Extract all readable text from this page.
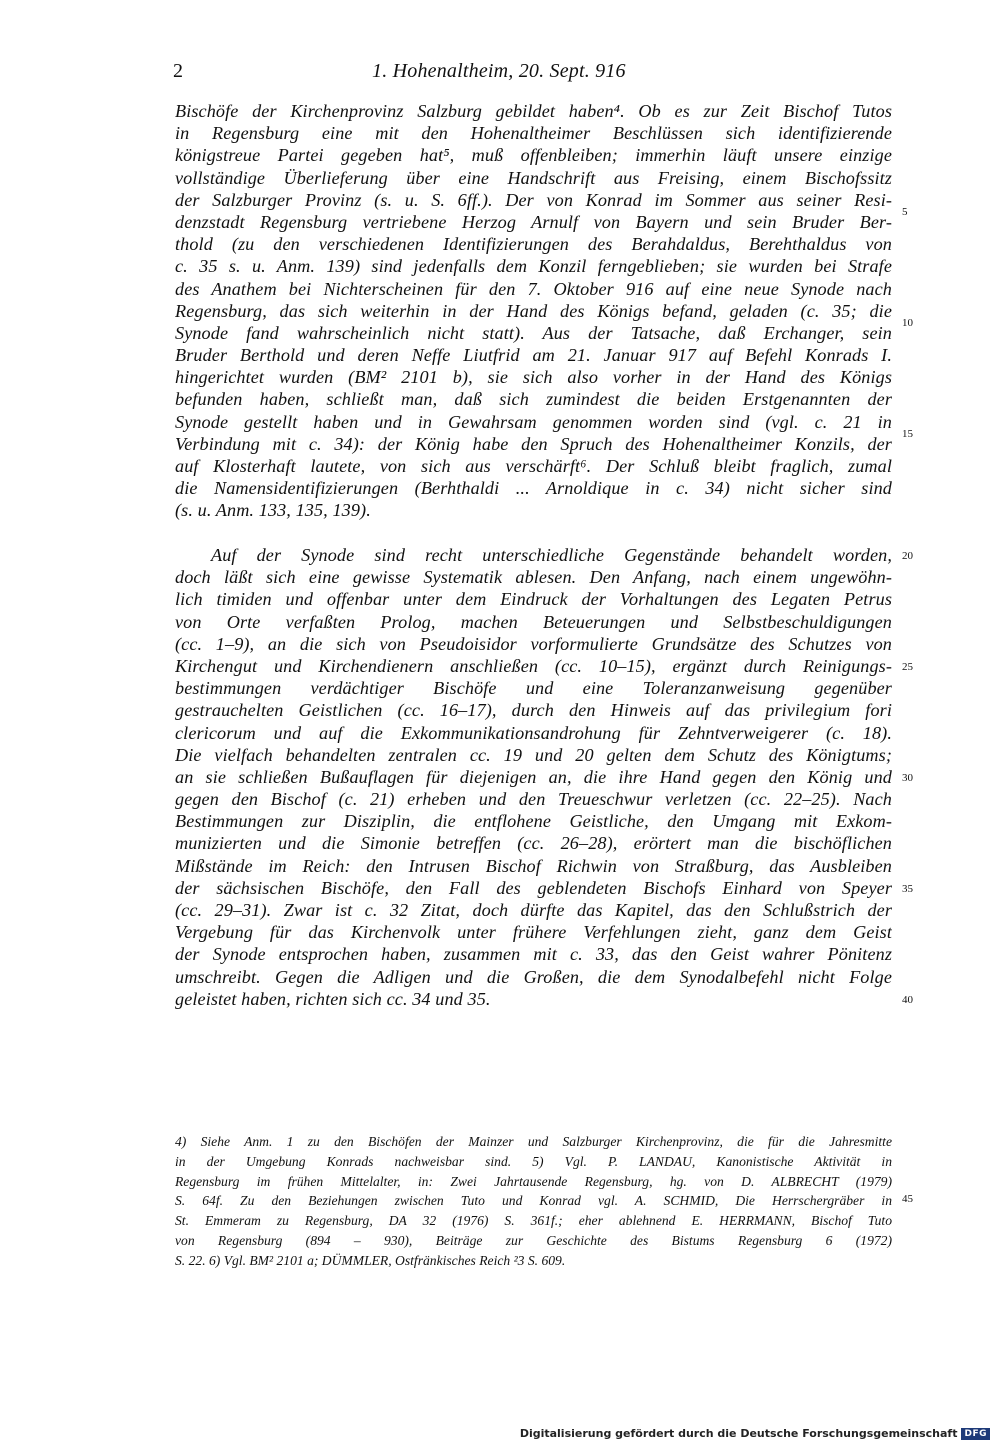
2	1. Hohenaltheim, 20. Sept. 916
Bischöfe der Kirchenprovinz Salzburg gebildet haben⁴. Ob es zur Zeit Bischof Tutos
in Regensburg eine mit den Hohenaltheimer Beschlüssen sich identifizierende
königstreue Partei gegeben hat⁵, muß offenbleiben; immerhin läuft unsere einzige
vollständige Überlieferung über eine Handschrift aus Freising, einem Bischofssitz
der Salzburger Provinz (s. u. S. 6ff.). Der von Konrad im Sommer aus seiner Resi-
denzstadt Regensburg vertriebene Herzog Arnulf von Bayern und sein Bruder Ber-
thold (zu den verschiedenen Identifizierungen des Berahdaldus, Berehthaldus von
c. 35 s. u. Anm. 139) sind jedenfalls dem Konzil ferngeblieben; sie wurden bei Strafe
des Anathem bei Nichterscheinen für den 7. Oktober 916 auf eine neue Synode nach
Regensburg, das sich weiterhin in der Hand des Königs befand, geladen (c. 35; die
Synode fand wahrscheinlich nicht statt). Aus der Tatsache, daß Erchanger, sein
Bruder Berthold und deren Neffe Liutfrid am 21. Januar 917 auf Befehl Konrads I.
hingerichtet wurden (BM² 2101 b), sie sich also vorher in der Hand des Königs
befunden haben, schließt man, daß sich zumindest die beiden Erstgenannten der
Synode gestellt haben und in Gewahrsam genommen worden sind (vgl. c. 21 in
Verbindung mit c. 34): der König habe den Spruch des Hohenaltheimer Konzils, der
auf Klosterhaft lautete, von sich aus verschärft⁶. Der Schluß bleibt fraglich, zumal
die Namensidentifizierungen (Berhthaldi ... Arnoldique in c. 34) nicht sicher sind
(s. u. Anm. 133, 135, 139).
Auf der Synode sind recht unterschiedliche Gegenstände behandelt worden,
doch läßt sich eine gewisse Systematik ablesen. Den Anfang, nach einem ungewöhn-
lich timiden und offenbar unter dem Eindruck der Vorhaltungen des Legaten Petrus
von Orte verfaßten Prolog, machen Beteuerungen und Selbstbeschuldigungen
(cc. 1–9), an die sich von Pseudoisidor vorformulierte Grundsätze des Schutzes von
Kirchengut und Kirchendienern anschließen (cc. 10–15), ergänzt durch Reinigungs-
bestimmungen verdächtiger Bischöfe und eine Toleranzanweisung gegenüber
gestrauchelten Geistlichen (cc. 16–17), durch den Hinweis auf das privilegium fori
clericorum und auf die Exkommunikationsandrohung für Zehntverweigerer (c. 18).
Die vielfach behandelten zentralen cc. 19 und 20 gelten dem Schutz des Königtums;
an sie schließen Bußauflagen für diejenigen an, die ihre Hand gegen den König und
gegen den Bischof (c. 21) erheben und den Treueschwur verletzen (cc. 22–25). Nach
Bestimmungen zur Disziplin, die entflohene Geistliche, den Umgang mit Exkom-
munizierten und die Simonie betreffen (cc. 26–28), erörtert man die bischöflichen
Mißstände im Reich: den Intrusen Bischof Richwin von Straßburg, das Ausbleiben
der sächsischen Bischöfe, den Fall des geblendeten Bischofs Einhard von Speyer
(cc. 29–31). Zwar ist c. 32 Zitat, doch dürfte das Kapitel, das den Schlußstrich der
Vergebung für das Kirchenvolk unter frühere Verfehlungen zieht, ganz dem Geist
der Synode entsprochen haben, zusammen mit c. 33, das den Geist wahrer Pönitenz
umschreibt. Gegen die Adligen und die Großen, die dem Synodalbefehl nicht Folge
geleistet haben, richten sich cc. 34 und 35.
5
10
15
20
25
30
35
40
45
4) Siehe Anm. 1 zu den Bischöfen der Mainzer und Salzburger Kirchenprovinz, die für die Jahresmitte
in der Umgebung Konrads nachweisbar sind. 5) Vgl. P. LANDAU, Kanonistische Aktivität in
Regensburg im frühen Mittelalter, in: Zwei Jahrtausende Regensburg, hg. von D. ALBRECHT (1979)
S. 64f. Zu den Beziehungen zwischen Tuto und Konrad vgl. A. SCHMID, Die Herrschergräber in
St. Emmeram zu Regensburg, DA 32 (1976) S. 361f.; eher ablehnend E. HERRMANN, Bischof Tuto
von Regensburg (894 – 930), Beiträge zur Geschichte des Bistums Regensburg 6 (1972)
S. 22. 6) Vgl. BM² 2101 a; DÜMMLER, Ostfränkisches Reich ²3 S. 609.
Digitalisierung gefördert durch die Deutsche Forschungsgemeinschaft DFG
